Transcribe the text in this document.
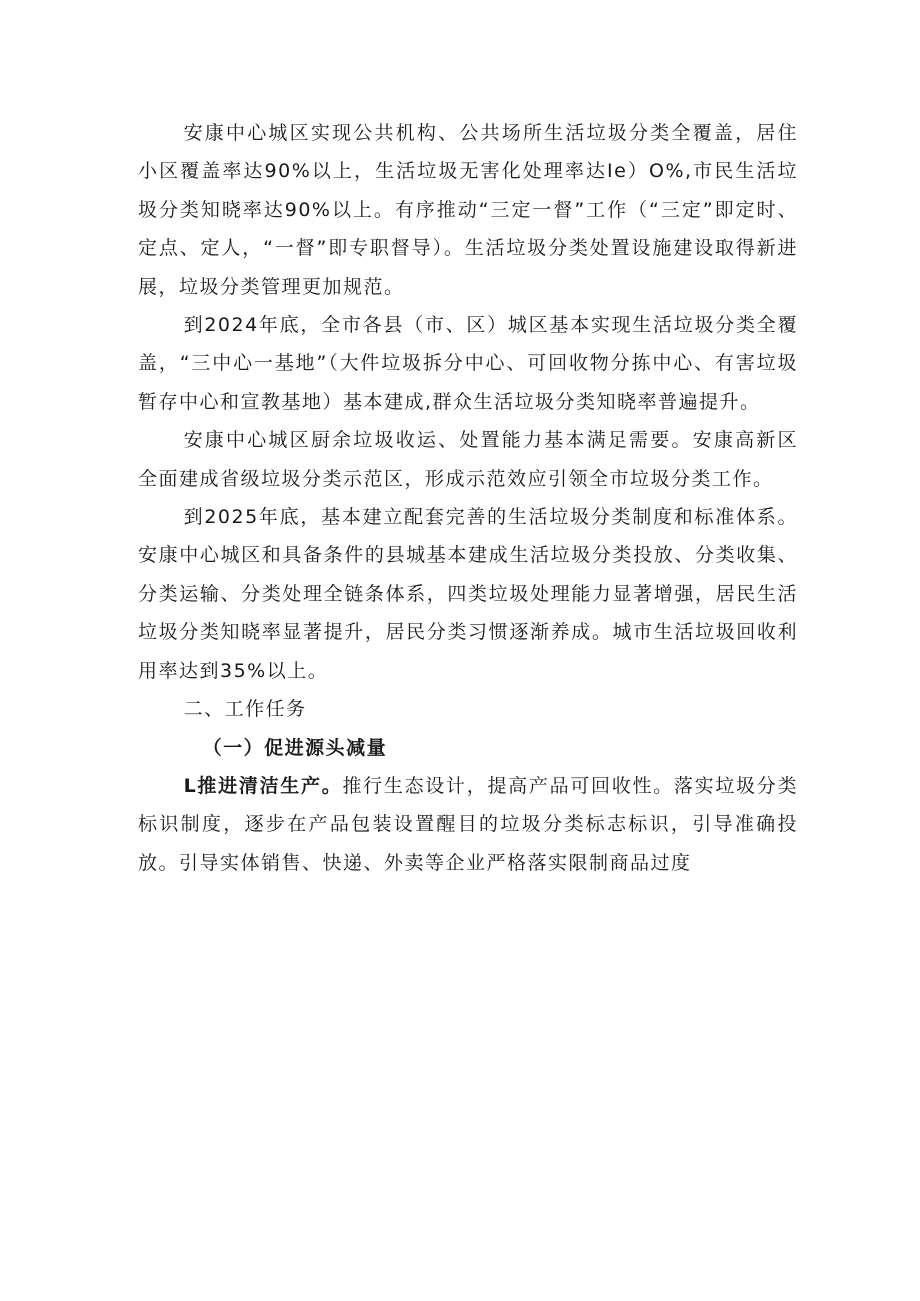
安康中心城区实现公共机构、公共场所生活垃圾分类全覆盖，居住小区覆盖率达90%以上，生活垃圾无害化处理率达Ie）O%,市民生活垃圾分类知晓率达90%以上。有序推动“三定一督”工作（“三定”即定时、定点、定人，“一督”即专职督导）。生活垃圾分类处置设施建设取得新进展，垃圾分类管理更加规范。

到2024年底，全市各县（市、区）城区基本实现生活垃圾分类全覆盖，“三中心一基地”（大件垃圾拆分中心、可回收物分拣中心、有害垃圾暂存中心和宣教基地）基本建成,群众生活垃圾分类知晓率普遍提升。

安康中心城区厨余垃圾收运、处置能力基本满足需要。安康高新区全面建成省级垃圾分类示范区，形成示范效应引领全市垃圾分类工作。

到2025年底，基本建立配套完善的生活垃圾分类制度和标准体系。安康中心城区和具备条件的县城基本建成生活垃圾分类投放、分类收集、分类运输、分类处理全链条体系，四类垃圾处理能力显著增强，居民生活垃圾分类知晓率显著提升，居民分类习惯逐渐养成。城市生活垃圾回收利用率达到35%以上。

二、工作任务

（一）促进源头减量

L推进清洁生产。推行生态设计，提高产品可回收性。落实垃圾分类标识制度，逐步在产品包装设置醒目的垃圾分类标志标识，引导准确投放。引导实体销售、快递、外卖等企业严格落实限制商品过度
